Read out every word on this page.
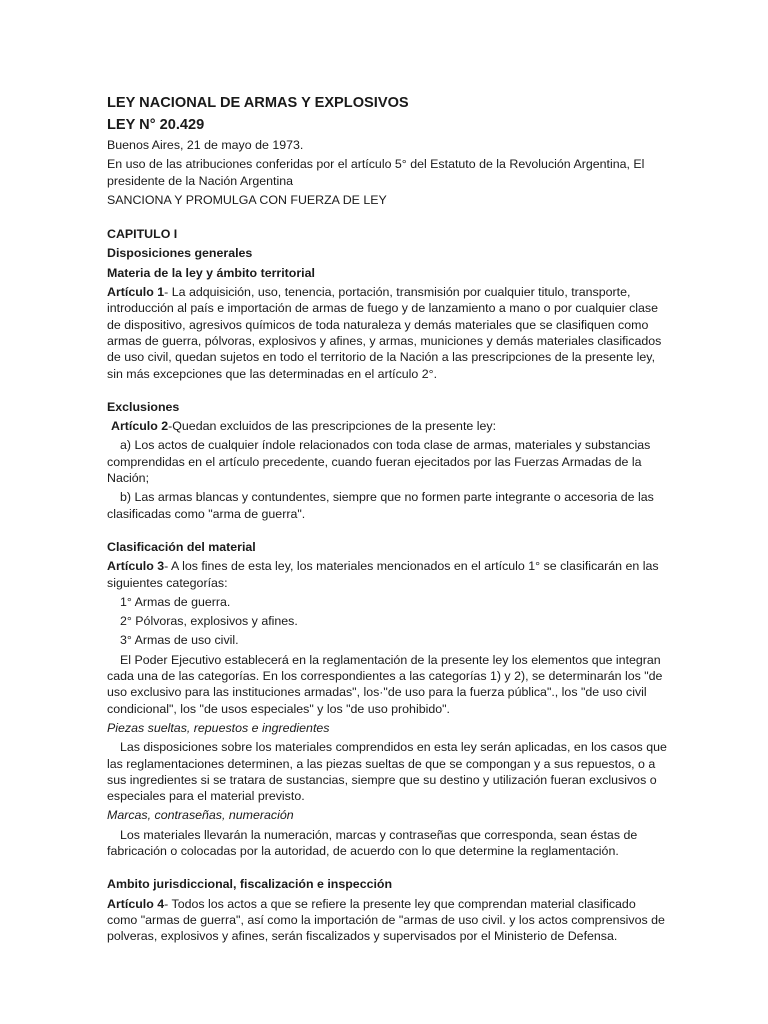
LEY NACIONAL DE ARMAS Y EXPLOSIVOS

LEY N° 20.429

Buenos Aires, 21 de mayo de 1973.

En uso de las atribuciones conferidas por el artículo 5° del Estatuto de la Revolución Argentina, El presidente de la Nación Argentina

SANCIONA Y PROMULGA CON FUERZA DE LEY

CAPITULO I

Disposiciones generales

Materia de la ley y ámbito territorial

Artículo 1- La adquisición, uso, tenencia, portación, transmisión por cualquier titulo, transporte, introducción al país e importación de armas de fuego y de lanzamiento a mano o por cualquier clase de dispositivo, agresivos químicos de toda naturaleza y demás materiales que se clasifiquen como armas de guerra, pólvoras, explosivos y afines, y armas, municiones y demás materiales clasificados de uso civil, quedan sujetos en todo el territorio de la Nación a las prescripciones de la presente ley, sin más excepciones que las determinadas en el artículo 2°.

Exclusiones

Artículo 2-Quedan excluidos de las prescripciones de la presente ley:

a) Los actos de cualquier índole relacionados con toda clase de armas, materiales y substancias comprendidas en el artículo precedente, cuando fueran ejecitados por las Fuerzas Armadas de la Nación;

b) Las armas blancas y contundentes, siempre que no formen parte integrante o accesoria de las clasificadas como "arma de guerra".

Clasificación del material

Artículo 3- A los fines de esta ley, los materiales mencionados en el artículo 1° se clasificarán en las siguientes categorías:

1° Armas de guerra.

2° Pólvoras, explosivos y afines.

3° Armas de uso civil.

El Poder Ejecutivo establecerá en la reglamentación de la presente ley los elementos que integran cada una de las categorías. En los correspondientes a las categorías 1) y 2), se determinarán los "de uso exclusivo para las instituciones armadas", los·"de uso para la fuerza pública"., los "de uso civil condicional", los "de usos especiales" y los "de uso prohibido".

Piezas sueltas, repuestos e ingredientes

Las disposiciones sobre los materiales comprendidos en esta ley serán aplicadas, en los casos que las reglamentaciones determinen, a las piezas sueltas de que se compongan y a sus repuestos, o a sus ingredientes si se tratara de sustancias, siempre que su destino y utilización fueran exclusivos o especiales para el material previsto.

Marcas, contraseñas, numeración

Los materiales llevarán la numeración, marcas y contraseñas que corresponda, sean éstas de fabricación o colocadas por la autoridad, de acuerdo con lo que determine la reglamentación.

Ambito jurisdiccional, fiscalización e inspección

Artículo 4- Todos los actos a que se refiere la presente ley que comprendan material clasificado como "armas de guerra", así como la importación de "armas de uso civil. y los actos comprensivos de polveras, explosivos y afines, serán fiscalizados y supervisados por el Ministerio de Defensa.
